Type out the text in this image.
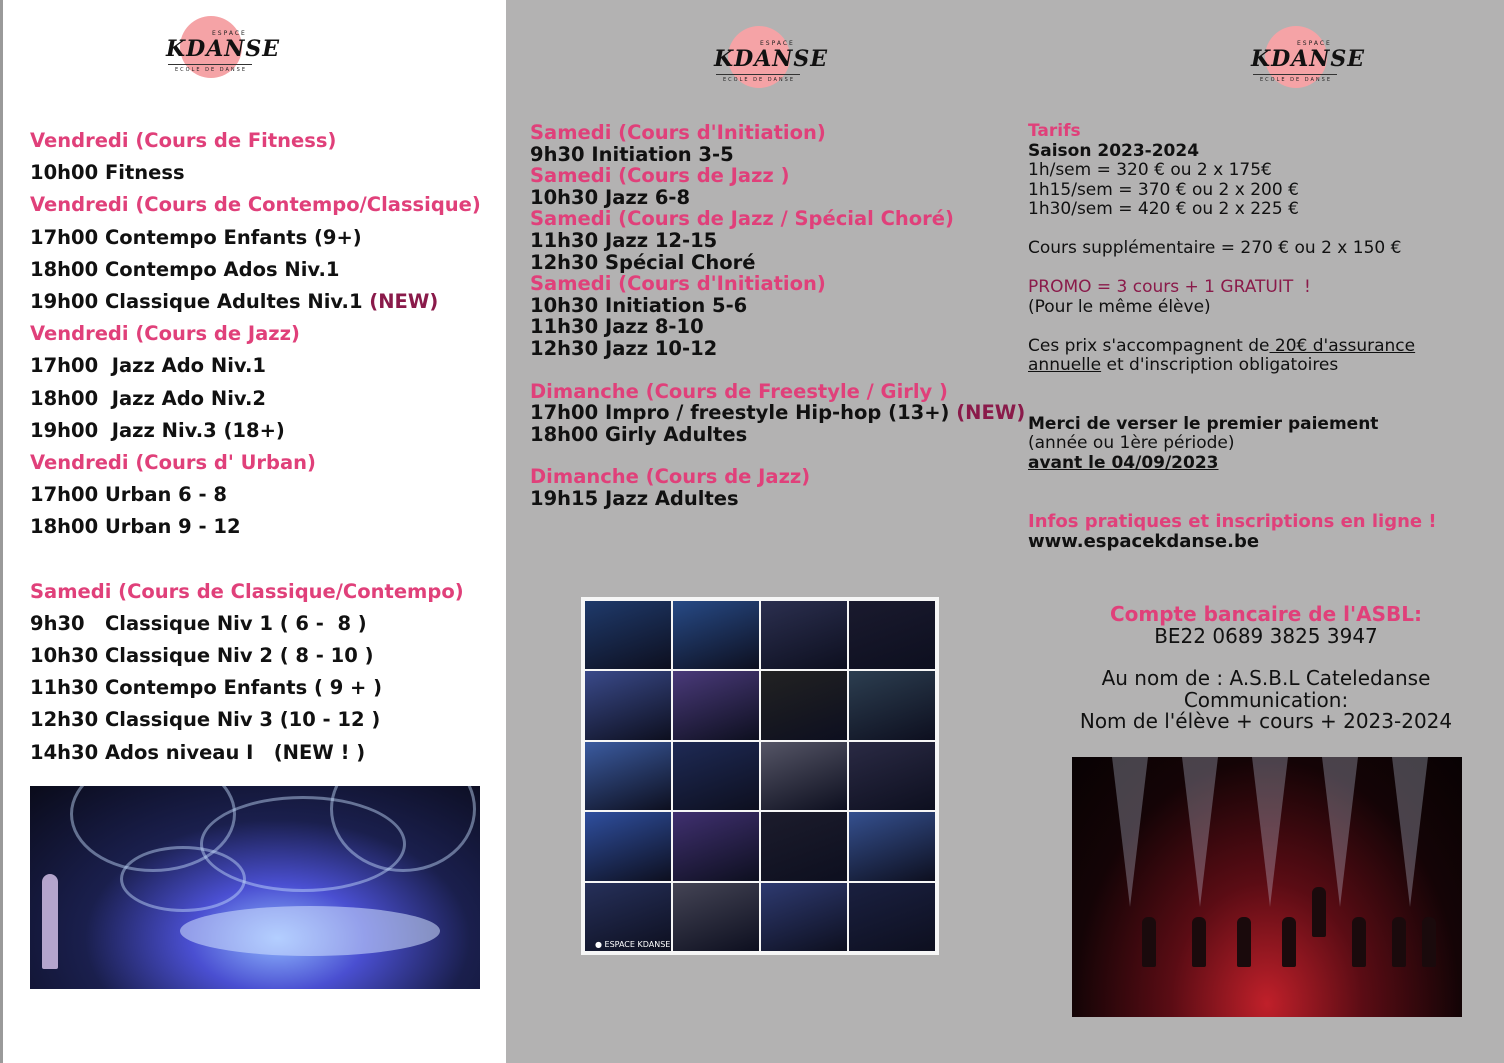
ESPACE
KDANSE
ECOLE DE DANSE
ESPACE
KDANSE
ECOLE DE DANSE
ESPACE
KDANSE
ECOLE DE DANSE
Vendredi (Cours de Fitness)
10h00 Fitness
Vendredi (Cours de Contempo/Classique)
17h00 Contempo Enfants (9+)
18h00 Contempo Ados Niv.1
19h00 Classique Adultes Niv.1 (NEW)
Vendredi (Cours de Jazz)
17h00  Jazz Ado Niv.1
18h00  Jazz Ado Niv.2
19h00  Jazz Niv.3 (18+)
Vendredi (Cours d' Urban)
17h00 Urban 6 - 8
18h00 Urban 9 - 12
Samedi (Cours de Classique/Contempo)
9h30   Classique Niv 1 ( 6 -  8 )
10h30 Classique Niv 2 ( 8 - 10 )
11h30 Contempo Enfants ( 9 + )
12h30 Classique Niv 3 (10 - 12 )
14h30 Ados niveau I   (NEW ! )
Samedi (Cours d'Initiation)
9h30 Initiation 3-5
Samedi (Cours de Jazz )
10h30 Jazz 6-8
Samedi (Cours de Jazz / Spécial Choré)
11h30 Jazz 12-15
12h30 Spécial Choré
Samedi (Cours d'Initiation)
10h30 Initiation 5-6
11h30 Jazz 8-10
12h30 Jazz 10-12
Dimanche (Cours de Freestyle / Girly )
17h00 Impro / freestyle Hip-hop (13+) (NEW)
18h00 Girly Adultes
Dimanche (Cours de Jazz)
19h15 Jazz Adultes
Tarifs
Saison 2023-2024
1h/sem = 320 € ou 2 x 175€
1h15/sem = 370 € ou 2 x 200 €
1h30/sem = 420 € ou 2 x 225 €
Cours supplémentaire = 270 € ou 2 x 150 €
PROMO = 3 cours + 1 GRATUIT  !
(Pour le même élève)
Ces prix s'accompagnent de 20€ d'assurance
annuelle et d'inscription obligatoires
Merci de verser le premier paiement
(année ou 1ère période)
avant le 04/09/2023
Infos pratiques et inscriptions en ligne !
www.espacekdanse.be
Compte bancaire de l'ASBL:
BE22 0689 3825 3947
Au nom de : A.S.B.L Cateledanse
Communication:
Nom de l'élève + cours + 2023-2024
● ESPACE KDANSE
